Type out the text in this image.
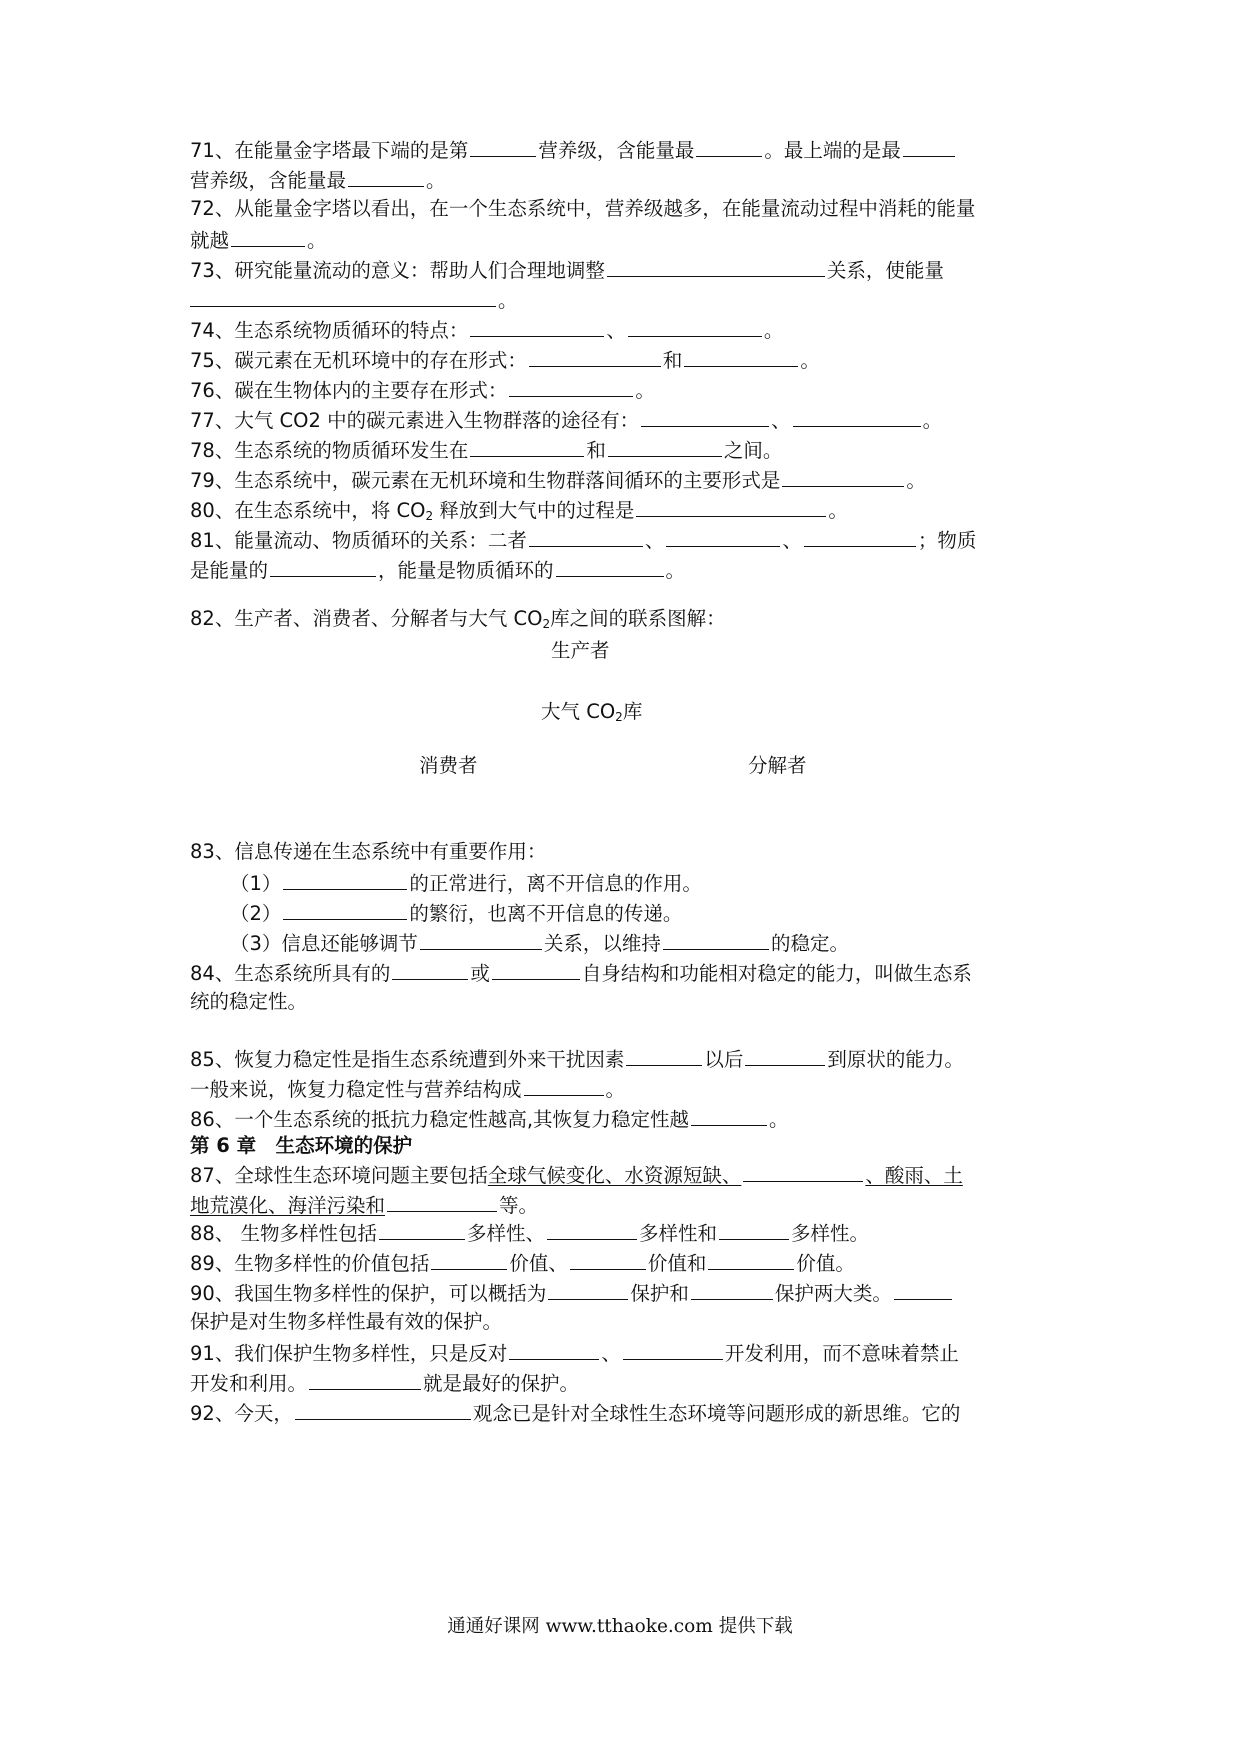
71、在能量金字塔最下端的是第	营养级，含能量最	。最上端的是最
营养级，含能量最	。
72、从能量金字塔以看出，在一个生态系统中，营养级越多，在能量流动过程中消耗的能量
就越	。
73、研究能量流动的意义：帮助人们合理地调整	关系，使能量
。
74、生态系统物质循环的特点：	、	。
75、碳元素在无机环境中的存在形式：	和	。
76、碳在生物体内的主要存在形式：	。
77、大气 CO2 中的碳元素进入生物群落的途径有：	、	。
78、生态系统的物质循环发生在	和	之间。
79、生态系统中，碳元素在无机环境和生物群落间循环的主要形式是	。
80、在生态系统中，将 $CO_2$ 释放到大气中的过程是	。
81、能量流动、物质循环的关系：二者	、	、	；物质
是能量的	，能量是物质循环的	。
82、生产者、消费者、分解者与大气 $CO_2$库之间的联系图解：
生产者
大气 $CO_2$库
消费者	分解者
83、信息传递在生态系统中有重要作用：
（1）	的正常进行，离不开信息的作用。
（2）	的繁衍，也离不开信息的传递。
（3）信息还能够调节	关系，以维持	的稳定。
84、生态系统所具有的	或	自身结构和功能相对稳定的能力，叫做生态系
统的稳定性。
85、恢复力稳定性是指生态系统遭到外来干扰因素	以后	到原状的能力。
一般来说，恢复力稳定性与营养结构成	。
86、一个生态系统的抵抗力稳定性越高,其恢复力稳定性越	。
第 6 章　生态环境的保护
87、全球性生态环境问题主要包括全球气候变化、水资源短缺、	、酸雨、土
地荒漠化、海洋污染和	等。
88、 生物多样性包括	多样性、	多样性和	多样性。
89、生物多样性的价值包括	价值、	价值和	价值。
90、我国生物多样性的保护，可以概括为	保护和	保护两大类。
保护是对生物多样性最有效的保护。
91、我们保护生物多样性，只是反对	、	开发利用，而不意味着禁止
开发和利用。	就是最好的保护。
92、今天，	观念已是针对全球性生态环境等问题形成的新思维。它的
通通好课网 www.tthaoke.com 提供下载
